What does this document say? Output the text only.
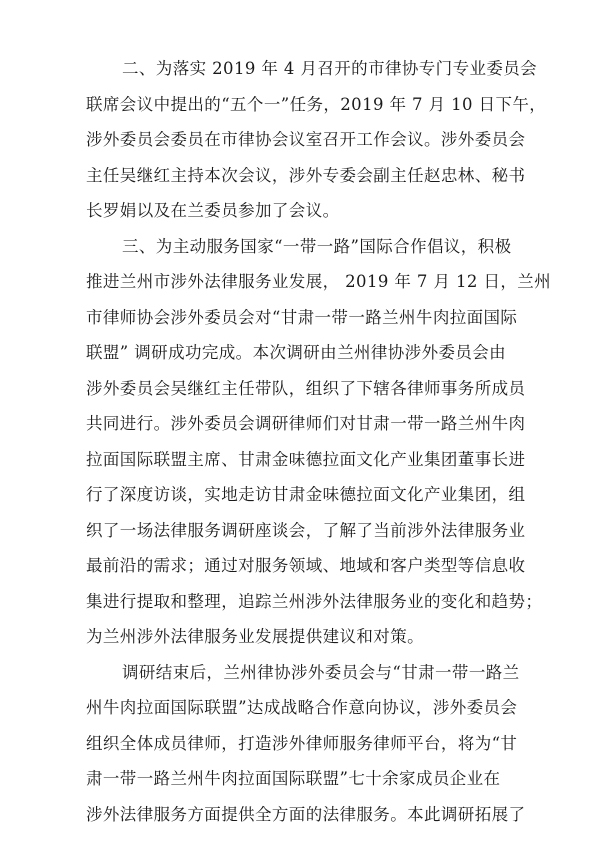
二、为落实 2019 年 4 月召开的市律协专门专业委员会
联席会议中提出的“五个一”任务，2019 年 7 月 10 日下午，
涉外委员会委员在市律协会议室召开工作会议。涉外委员会
主任吴继红主持本次会议，涉外专委会副主任赵忠林、秘书
长罗娟以及在兰委员参加了会议。
三、为主动服务国家“一带一路”国际合作倡议，积极
推进兰州市涉外法律服务业发展， 2019 年 7 月 12 日，兰州
市律师协会涉外委员会对“甘肃一带一路兰州牛肉拉面国际
联盟” 调研成功完成。本次调研由兰州律协涉外委员会由
涉外委员会吴继红主任带队，组织了下辖各律师事务所成员
共同进行。涉外委员会调研律师们对甘肃一带一路兰州牛肉
拉面国际联盟主席、甘肃金味德拉面文化产业集团董事长进
行了深度访谈，实地走访甘肃金味德拉面文化产业集团，组
织了一场法律服务调研座谈会，了解了当前涉外法律服务业
最前沿的需求；通过对服务领域、地域和客户类型等信息收
集进行提取和整理，追踪兰州涉外法律服务业的变化和趋势；
为兰州涉外法律服务业发展提供建议和对策。
调研结束后，兰州律协涉外委员会与“甘肃一带一路兰
州牛肉拉面国际联盟”达成战略合作意向协议，涉外委员会
组织全体成员律师，打造涉外律师服务律师平台，将为“甘
肃一带一路兰州牛肉拉面国际联盟”七十余家成员企业在
涉外法律服务方面提供全方面的法律服务。本此调研拓展了
